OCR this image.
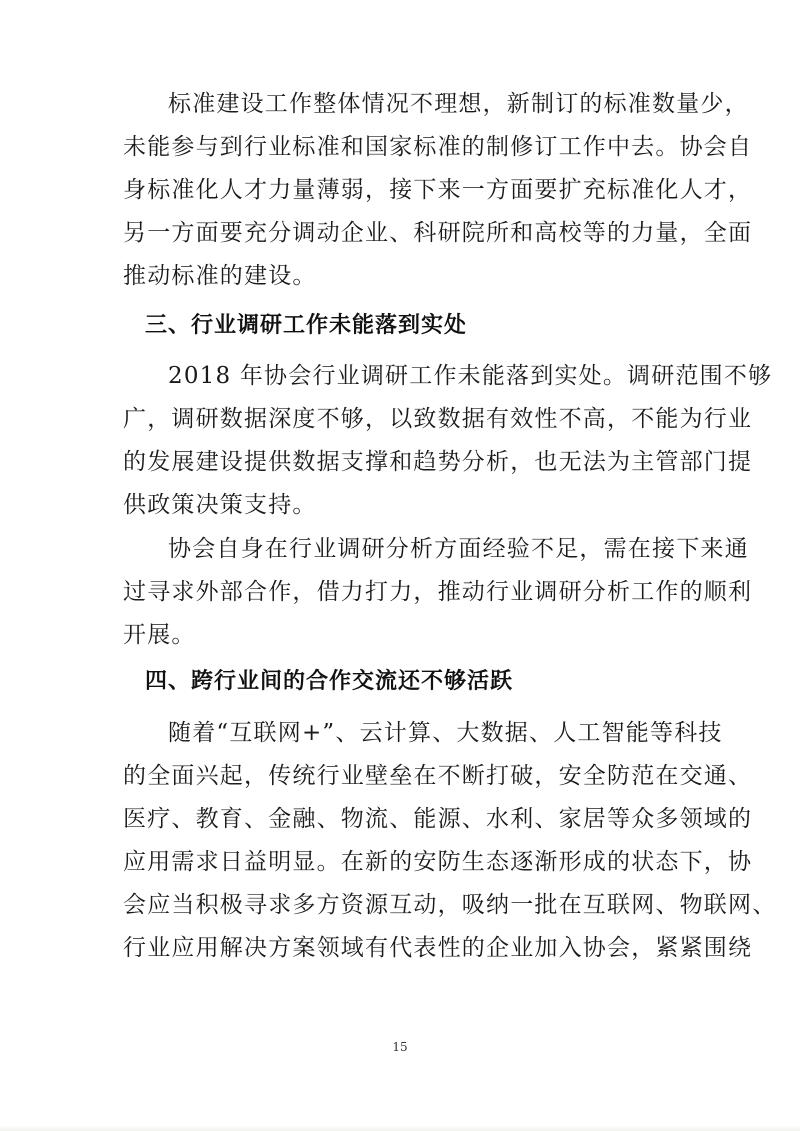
标准建设工作整体情况不理想，新制订的标准数量少，
未能参与到行业标准和国家标准的制修订工作中去。协会自
身标准化人才力量薄弱，接下来一方面要扩充标准化人才，
另一方面要充分调动企业、科研院所和高校等的力量，全面
推动标准的建设。
三、行业调研工作未能落到实处
2018 年协会行业调研工作未能落到实处。调研范围不够
广，调研数据深度不够，以致数据有效性不高，不能为行业
的发展建设提供数据支撑和趋势分析，也无法为主管部门提
供政策决策支持。
协会自身在行业调研分析方面经验不足，需在接下来通
过寻求外部合作，借力打力，推动行业调研分析工作的顺利
开展。
四、跨行业间的合作交流还不够活跃
随着“互联网+”、云计算、大数据、人工智能等科技
的全面兴起，传统行业壁垒在不断打破，安全防范在交通、
医疗、教育、金融、物流、能源、水利、家居等众多领域的
应用需求日益明显。在新的安防生态逐渐形成的状态下，协
会应当积极寻求多方资源互动，吸纳一批在互联网、物联网、
行业应用解决方案领域有代表性的企业加入协会，紧紧围绕
15
